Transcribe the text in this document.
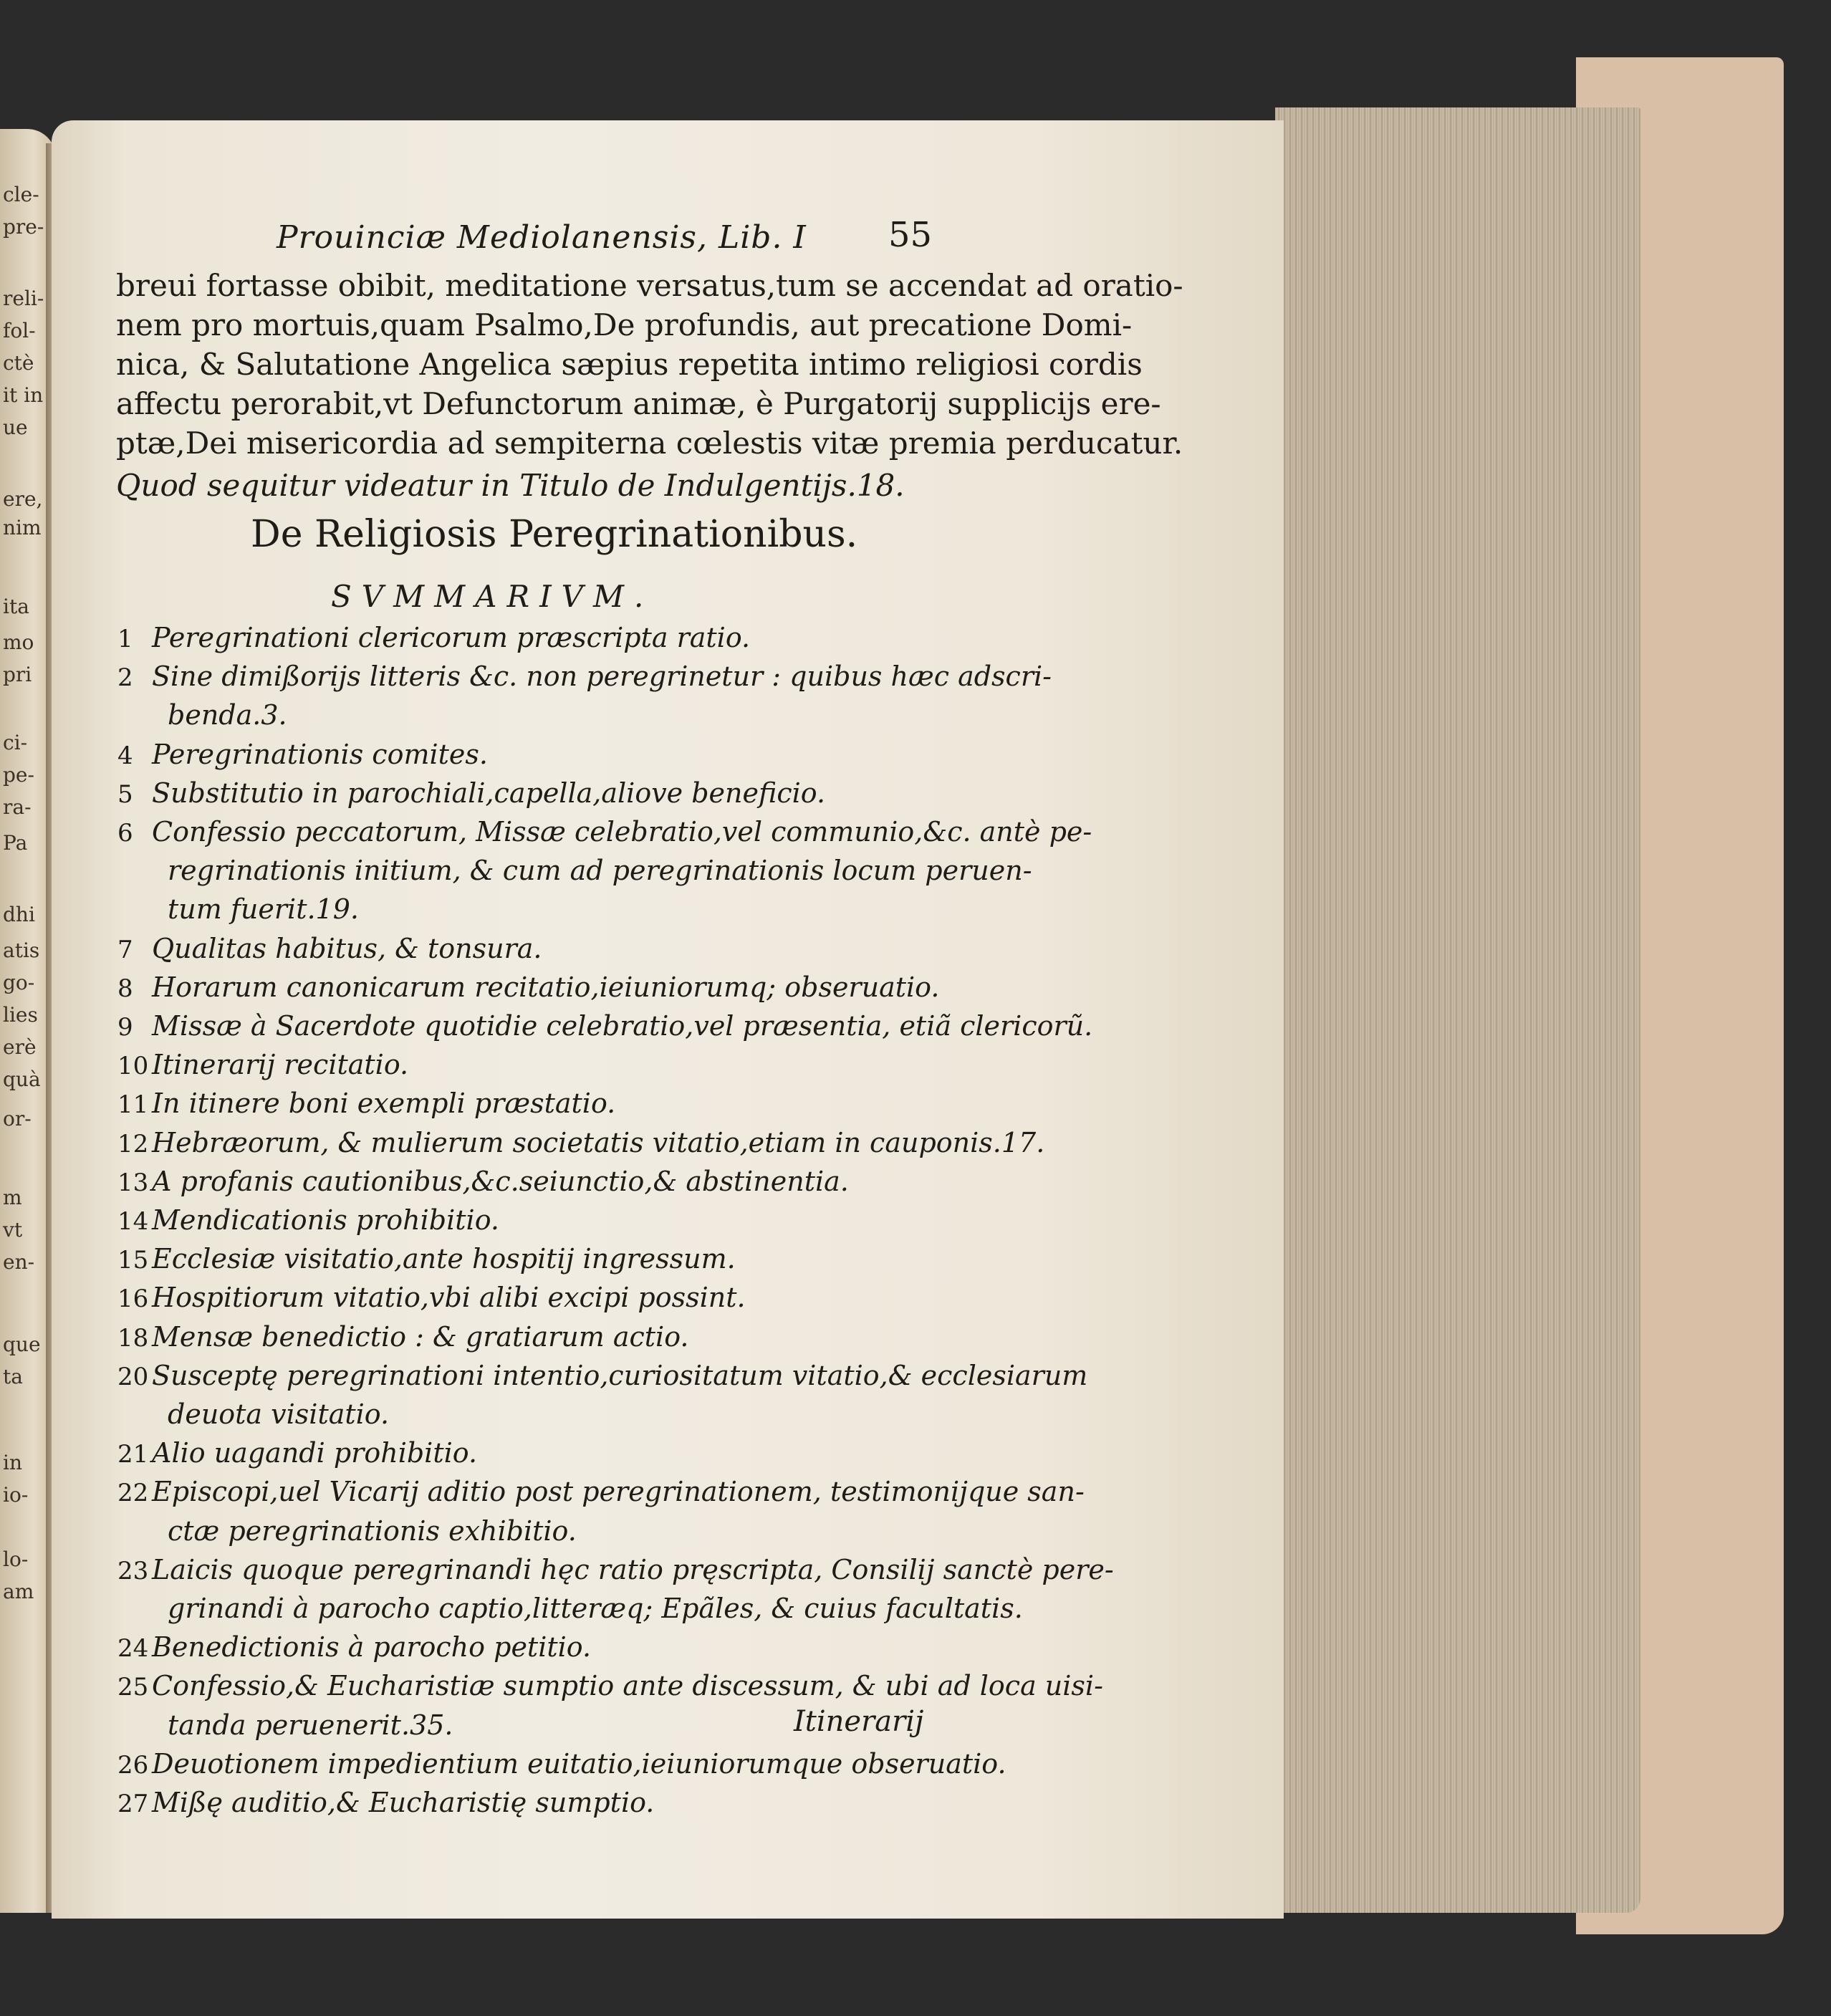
cle-
pre-
reli-
fol-
ctè
it in
ue
ere,
nim
ita
mo
pri
ci-
pe-
ra-
Pa
dhi
atis
go-
lies
erè
quà
or-
m
vt
en-
que
ta
in
io-
lo-
am
Prouinciæ Mediolanensis, Lib. I 55
breui fortasse obibit, meditatione versatus,tum se accendat ad oratio-
nem pro mortuis,quam Psalmo,De profundis, aut precatione Domi-
nica, & Salutatione Angelica sæpius repetita intimo religiosi cordis
affectu perorabit,vt Defunctorum animæ, è Purgatorij supplicijs ere-
ptæ,Dei misericordia ad sempiternа cœlestis vitæ premia perducatur.
Quod sequitur videatur in Titulo de Indulgentijs.18.
De Religiosis Peregrinationibus.
SVMMARIVM.
1 Peregrinationi clericorum præscripta ratio.
2 Sine dimißorijs litteris &c. non peregrinetur : quibus hæc adscri-
benda.3.
4 Peregrinationis comites.
5 Substitutio in parochiali,capella,aliove beneficio.
6 Confessio peccatorum, Missæ celebratio,vel communio,&c. antè pe-
regrinationis initium, & cum ad peregrinationis locum peruen-
tum fuerit.19.
7 Qualitas habitus, & tonsura.
8 Horarum canonicarum recitatio,ieiuniorumq; obseruatio.
9 Missæ à Sacerdote quotidie celebratio,vel præsentia, etiã clericorũ.
10 Itinerarij recitatio.
11 In itinere boni exempli præstatio.
12 Hebræorum, & mulierum societatis vitatio,etiam in cauponis.17.
13 A profanis cautionibus,&c.seiunctio,& abstinentia.
14 Mendicationis prohibitio.
15 Ecclesiæ visitatio,ante hospitij ingressum.
16 Hospitiorum vitatio,vbi alibi excipi possint.
18 Mensæ benedictio : & gratiarum actio.
20 Susceptę peregrinationi intentio,curiositatum vitatio,& ecclesiarum
deuota visitatio.
21 Alio uagandi prohibitio.
22 Episcopi,uel Vicarij aditio post peregrinationem, testimonijque san-
ctæ peregrinationis exhibitio.
23 Laicis quoque peregrinandi hęc ratio pręscripta, Consilij sanctè pere-
grinandi à parocho captio,litteræq; Epãles, & cuius facultatis.
24 Benedictionis à parocho petitio.
25 Confessio,& Eucharistiæ sumptio ante discessum, & ubi ad loca uisi-
tanda peruenerit.35.
26 Deuotionem impedientium euitatio,ieiuniorumque obseruatio.
27 Mißę auditio,& Eucharistię sumptio.
Itinerarij
